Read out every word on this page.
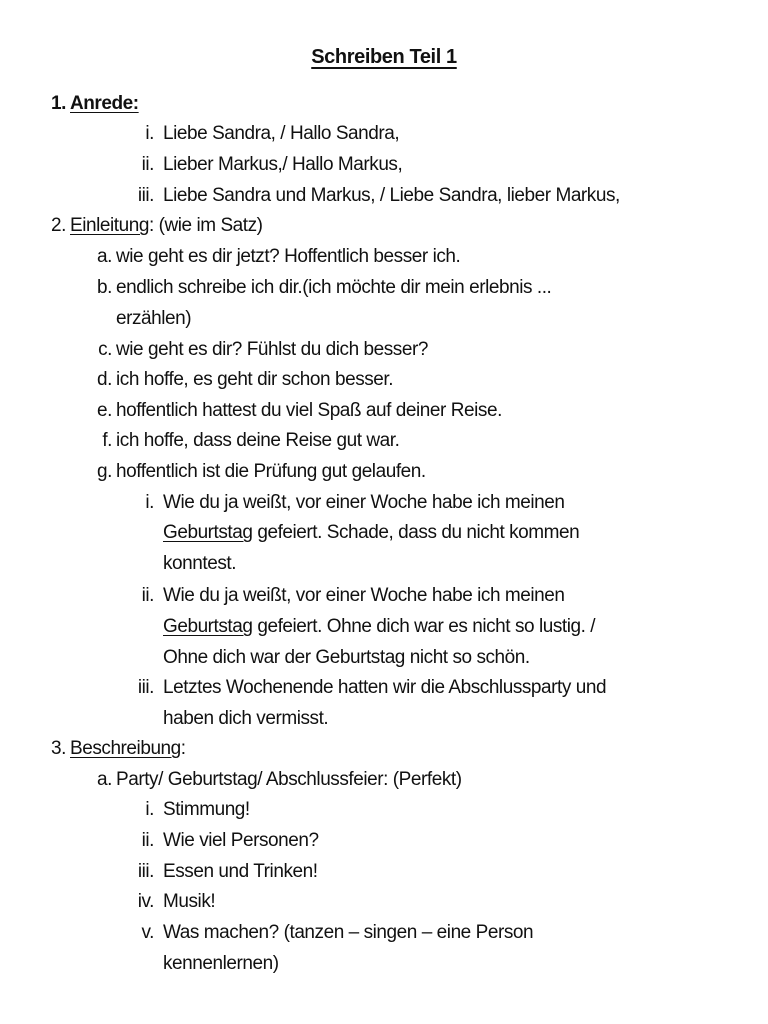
Schreiben Teil 1
1. Anrede:
i. Liebe Sandra, / Hallo Sandra,
ii. Lieber Markus,/ Hallo Markus,
iii. Liebe Sandra und Markus, / Liebe Sandra, lieber Markus,
2. Einleitung: (wie im Satz)
a. wie geht es dir jetzt? Hoffentlich besser ich.
b. endlich schreibe ich dir.(ich möchte dir mein erlebnis ...
erzählen)
c. wie geht es dir? Fühlst du dich besser?
d. ich hoffe, es geht dir schon besser.
e. hoffentlich hattest du viel Spaß auf deiner Reise.
f. ich hoffe, dass deine Reise gut war.
g. hoffentlich ist die Prüfung gut gelaufen.
i. Wie du ja weißt, vor einer Woche habe ich meinen
Geburtstag gefeiert. Schade, dass du nicht kommen
konntest.
ii. Wie du ja weißt, vor einer Woche habe ich meinen
Geburtstag gefeiert. Ohne dich war es nicht so lustig. /
Ohne dich war der Geburtstag nicht so schön.
iii. Letztes Wochenende hatten wir die Abschlussparty und
haben dich vermisst.
3. Beschreibung:
a. Party/ Geburtstag/ Abschlussfeier: (Perfekt)
i. Stimmung!
ii. Wie viel Personen?
iii. Essen und Trinken!
iv. Musik!
v. Was machen? (tanzen – singen – eine Person
kennenlernen)
